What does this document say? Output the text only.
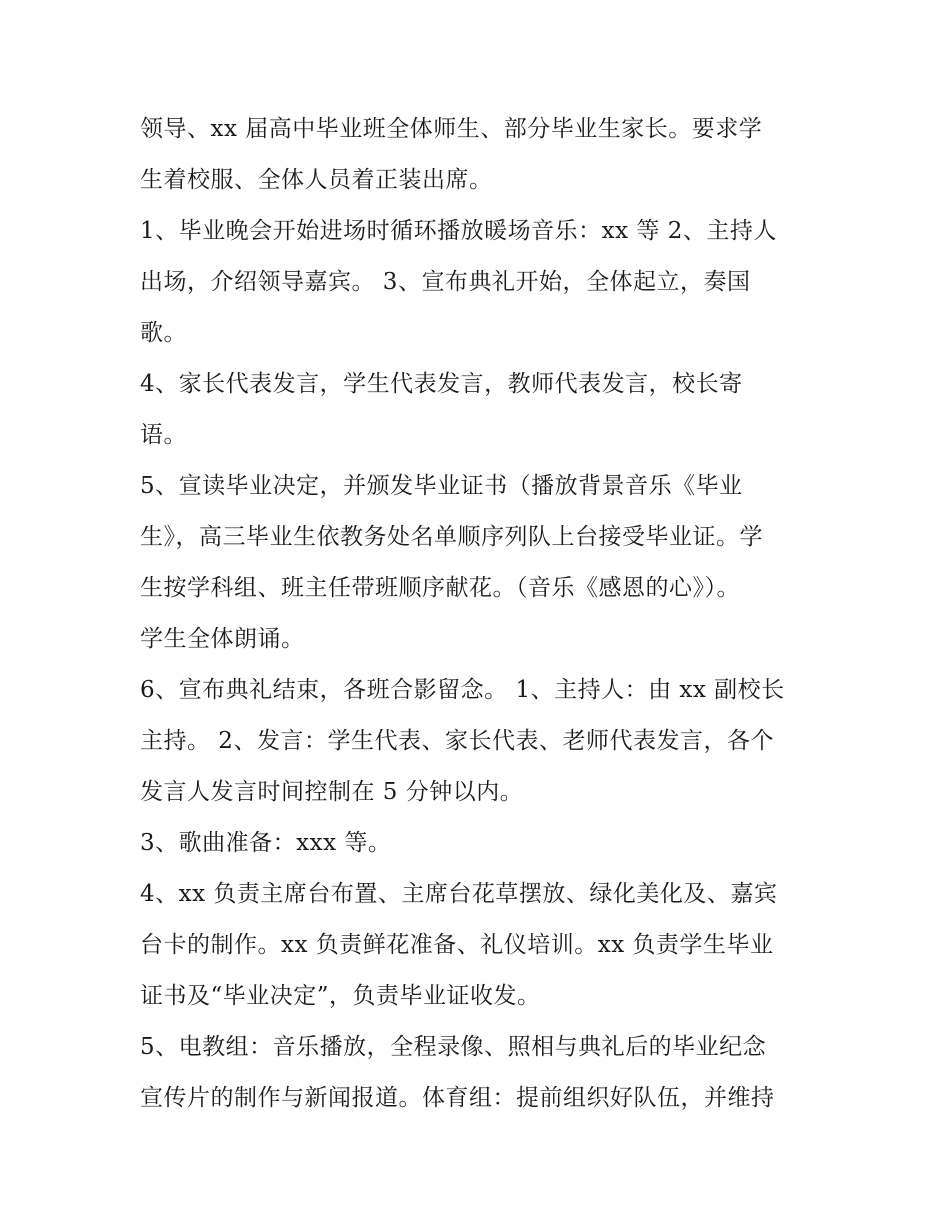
领导、xx 届高中毕业班全体师生、部分毕业生家长。要求学
生着校服、全体人员着正装出席。
1、毕业晚会开始进场时循环播放暖场音乐：xx 等 2、主持人
出场，介绍领导嘉宾。 3、宣布典礼开始，全体起立，奏国
歌。
4、家长代表发言，学生代表发言，教师代表发言，校长寄
语。
5、宣读毕业决定，并颁发毕业证书（播放背景音乐《毕业
生》，高三毕业生依教务处名单顺序列队上台接受毕业证。学
生按学科组、班主任带班顺序献花。（音乐《感恩的心》）。
学生全体朗诵。
6、宣布典礼结束，各班合影留念。 1、主持人：由 xx 副校长
主持。 2、发言：学生代表、家长代表、老师代表发言，各个
发言人发言时间控制在 5 分钟以内。
3、歌曲准备：xxx 等。
4、xx 负责主席台布置、主席台花草摆放、绿化美化及、嘉宾
台卡的制作。xx 负责鲜花准备、礼仪培训。xx 负责学生毕业
证书及“毕业决定”，负责毕业证收发。
5、电教组：音乐播放，全程录像、照相与典礼后的毕业纪念
宣传片的制作与新闻报道。体育组：提前组织好队伍，并维持
